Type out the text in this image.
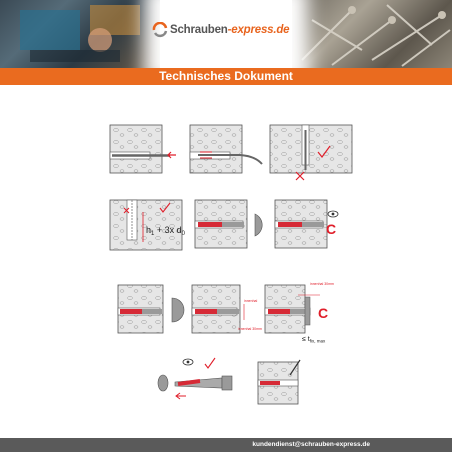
Schrauben-express.de
Technisches Dokument
$h_1 + 3x$ $d_0$	C
innenhal
innenhal 30mm
innenhal 30mm
C
≤ $t_{fix, max}$
kundendienst@schrauben-express.de
